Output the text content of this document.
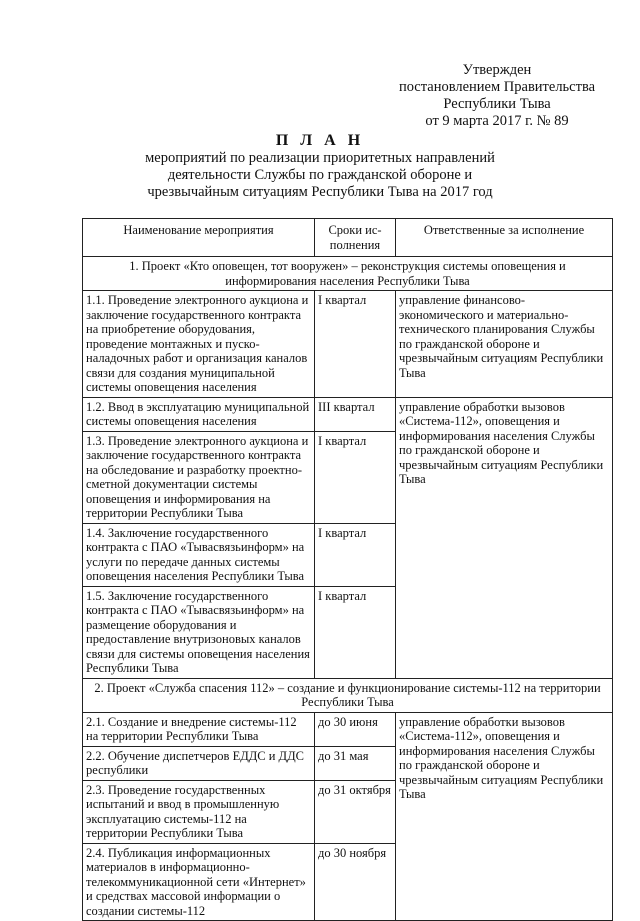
Утвержден
постановлением Правительства
Республики Тыва
от 9 марта 2017 г. № 89
П Л А Н
мероприятий по реализации приоритетных направлений
деятельности Службы по гражданской обороне и
чрезвычайным ситуациям Республики Тыва на 2017 год
Наименование мероприятия	Сроки ис-полнения	Ответственные за исполнение
1. Проект «Кто оповещен, тот вооружен» – реконструкция системы оповещения и информирования населения Республики Тыва		
1.1. Проведение электронного аукциона и заключение государственного контракта на приобретение оборудования, проведение монтажных и пуско-наладочных работ и организация каналов связи для создания муниципальной системы оповещения населения	I квартал	управление финансово-экономического и материально-технического планирования Службы по гражданской обороне и чрезвычайным ситуациям Республики Тыва
1.2. Ввод в эксплуатацию муниципальной системы оповещения населения	III квартал	управление обработки вызовов «Система-112», оповещения и информирования населения Службы по гражданской обороне и чрезвычайным ситуациям Республики Тыва
1.3. Проведение электронного аукциона и заключение государственного контракта на обследование и разработку проектно-сметной документации системы оповещения и информирования на территории Республики Тыва	I квартал	
1.4. Заключение государственного контракта с ПАО «Тывасвязьинформ» на услуги по передаче данных системы оповещения населения Республики Тыва	I квартал	
1.5. Заключение государственного контракта с ПАО «Тывасвязьинформ» на размещение оборудования и предоставление внутризоновых каналов связи для системы оповещения населения Республики Тыва	I квартал	
2. Проект «Служба спасения 112» – создание и функционирование системы-112 на территории Республики Тыва		
2.1. Создание и внедрение системы-112 на территории Республики Тыва	до 30 июня	управление обработки вызовов «Система-112», оповещения и информирования населения Службы по гражданской обороне и чрезвычайным ситуациям Республики Тыва
2.2. Обучение диспетчеров ЕДДС и ДДС республики	до 31 мая	
2.3. Проведение государственных испытаний и ввод в промышленную эксплуатацию системы-112 на территории Республики Тыва	до 31 октября	
2.4. Публикация информационных материалов в информационно-телекоммуникационной сети «Интернет» и средствах массовой информации о создании системы-112	до 30 ноября	
